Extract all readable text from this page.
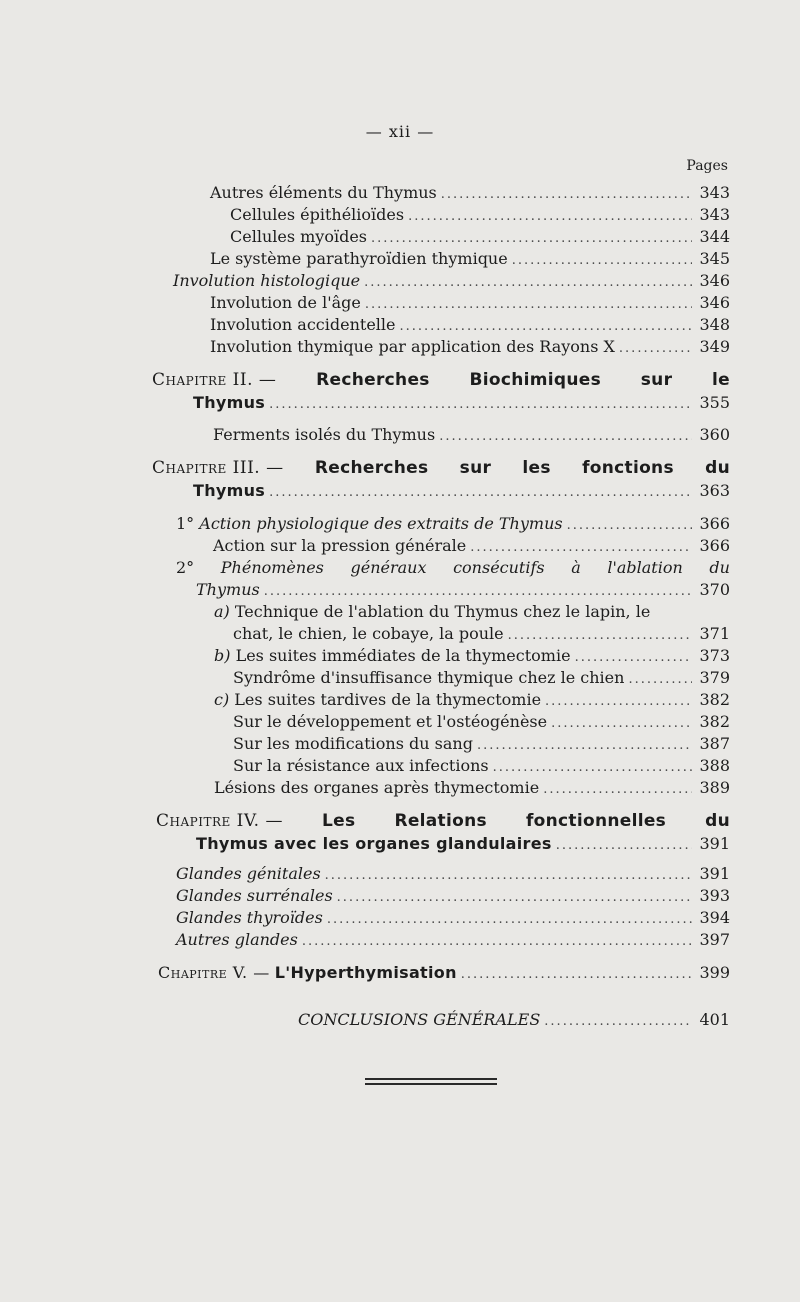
— xii —
Pages
Autres éléments du Thymus .....	343
Cellules épithélioïdes .....	343
Cellules myoïdes .....	344
Le système parathyroïdien thymique .....	345
Involution histologique .....	346
Involution de l'âge .....	346
Involution accidentelle .....	348
Involution thymique par application des Rayons X .....	349
Chapitre II. — Recherches Biochimiques sur le
Thymus .....	355
Ferments isolés du Thymus .....	360
Chapitre III. — Recherches sur les fonctions du
Thymus .....	363
1° Action physiologique des extraits de Thymus .....	366
Action sur la pression générale .....	366
2° Phénomènes généraux consécutifs à l'ablation du
Thymus .....	370
a) Technique de l'ablation du Thymus chez le lapin, le
chat, le chien, le cobaye, la poule .....	371
b) Les suites immédiates de la thymectomie .....	373
Syndrôme d'insuffisance thymique chez le chien .....	379
c) Les suites tardives de la thymectomie .....	382
Sur le développement et l'ostéogénèse .....	382
Sur les modifications du sang .....	387
Sur la résistance aux infections .....	388
Lésions des organes après thymectomie .....	389
Chapitre IV. — Les Relations fonctionnelles du
Thymus avec les organes glandulaires .....	391
Glandes génitales .....	391
Glandes surrénales .....	393
Glandes thyroïdes .....	394
Autres glandes .....	397
Chapitre V. — L'Hyperthymisation .....	399
CONCLUSIONS GÉNÉRALES .....	401
